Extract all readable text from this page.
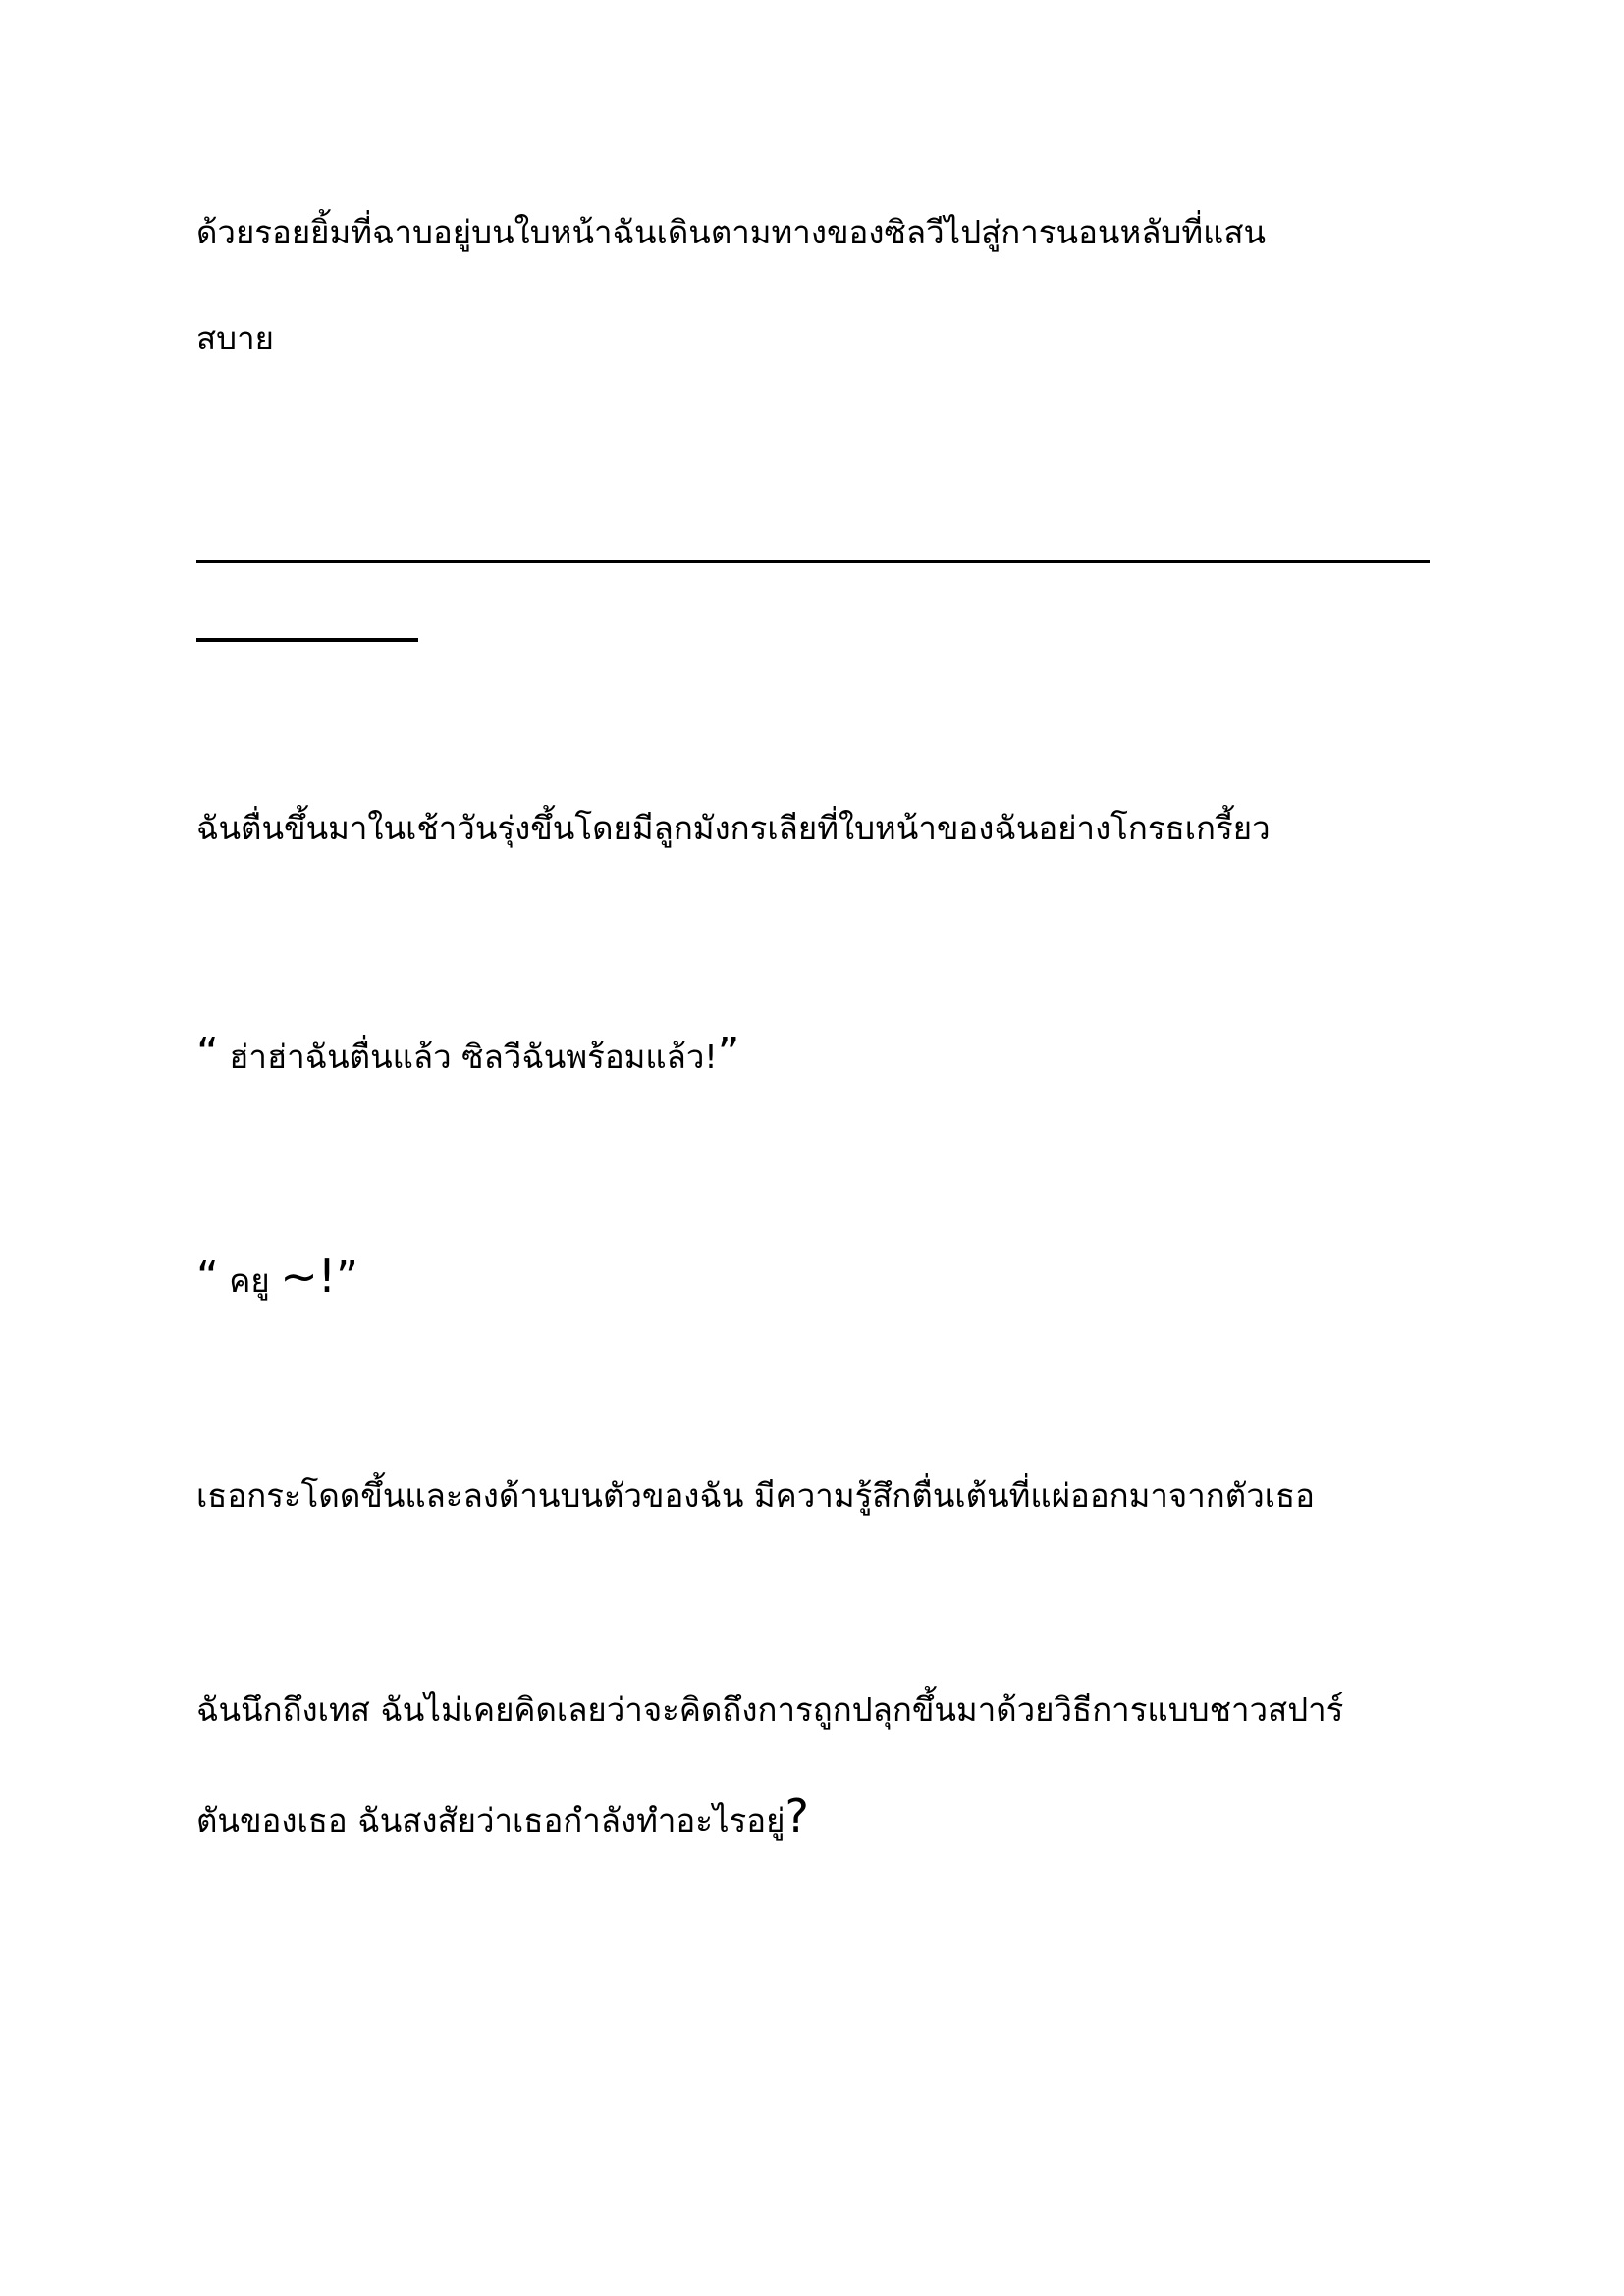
ด้วยรอยยิ้มที่ฉาบอยู่บนใบหน้าฉันเดินตามทางของซิลวีไปสู่การนอนหลับที่แสน
สบาย
ฉันตื่นขึ้นมาในเช้าวันรุ่งขึ้นโดยมีลูกมังกรเลียที่ใบหน้าของฉันอย่างโกรธเกรี้ยว
“ ฮ่าฮ่าฉันตื่นแล้ว ซิลวีฉันพร้อมแล้ว!”
“ คยู ~!”
เธอกระโดดขึ้นและลงด้านบนตัวของฉัน มีความรู้สึกตื่นเต้นที่แผ่ออกมาจากตัวเธอ
ฉันนึกถึงเทส ฉันไม่เคยคิดเลยว่าจะคิดถึงการถูกปลุกขึ้นมาด้วยวิธีการแบบชาวสปาร์
ตันของเธอ ฉันสงสัยว่าเธอกำลังทำอะไรอยู่?
